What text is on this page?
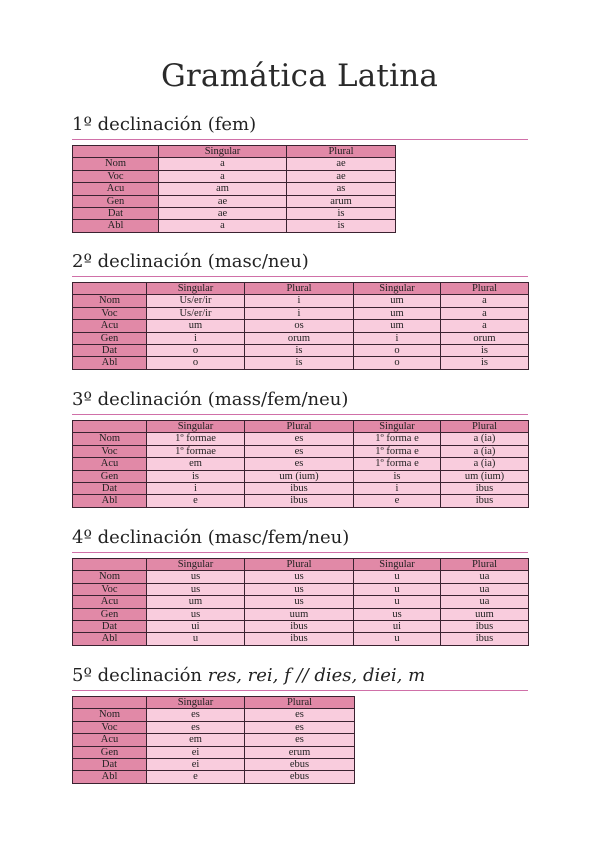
Gramática Latina
1º declinación (fem)
	Singular	Plural
Nom	a	ae
Voc	a	ae
Acu	am	as
Gen	ae	arum
Dat	ae	is
Abl	a	is
2º declinación (masc/neu)
	Singular	Plural	Singular	Plural
Nom	Us/er/ir	i	um	a
Voc	Us/er/ir	i	um	a
Acu	um	os	um	a
Gen	i	orum	i	orum
Dat	o	is	o	is
Abl	o	is	o	is
3º declinación (mass/fem/neu)
	Singular	Plural	Singular	Plural
Nom	1º formae	es	1º forma e	a (ia)
Voc	1º formae	es	1º forma e	a (ia)
Acu	em	es	1º forma e	a (ia)
Gen	is	um (ium)	is	um (ium)
Dat	i	ibus	i	ibus
Abl	e	ibus	e	ibus
4º declinación (masc/fem/neu)
	Singular	Plural	Singular	Plural
Nom	us	us	u	ua
Voc	us	us	u	ua
Acu	um	us	u	ua
Gen	us	uum	us	uum
Dat	ui	ibus	ui	ibus
Abl	u	ibus	u	ibus
5º declinación res, rei, f // dies, diei, m
	Singular	Plural
Nom	es	es
Voc	es	es
Acu	em	es
Gen	ei	erum
Dat	ei	ebus
Abl	e	ebus
